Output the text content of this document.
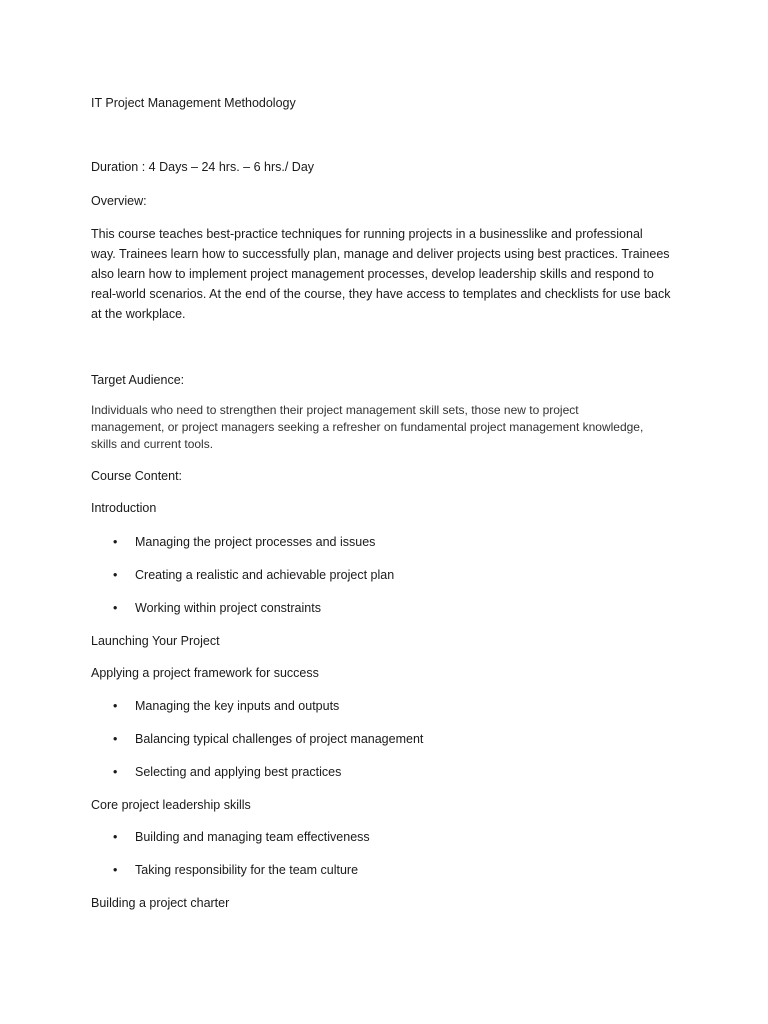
IT Project Management Methodology
Duration : 4 Days – 24 hrs. – 6 hrs./ Day
Overview:
This course teaches best-practice techniques for running projects in a businesslike and professional
way. Trainees learn how to successfully plan, manage and deliver projects using best practices. Trainees
also learn how to implement project management processes, develop leadership skills and respond to
real-world scenarios. At the end of the course, they have access to templates and checklists for use back
at the workplace.
Target Audience:
Individuals who need to strengthen their project management skill sets, those new to project
management, or project managers seeking a refresher on fundamental project management knowledge,
skills and current tools.
Course Content:
Introduction
• Managing the project processes and issues
• Creating a realistic and achievable project plan
• Working within project constraints
Launching Your Project
Applying a project framework for success
• Managing the key inputs and outputs
• Balancing typical challenges of project management
• Selecting and applying best practices
Core project leadership skills
• Building and managing team effectiveness
• Taking responsibility for the team culture
Building a project charter
